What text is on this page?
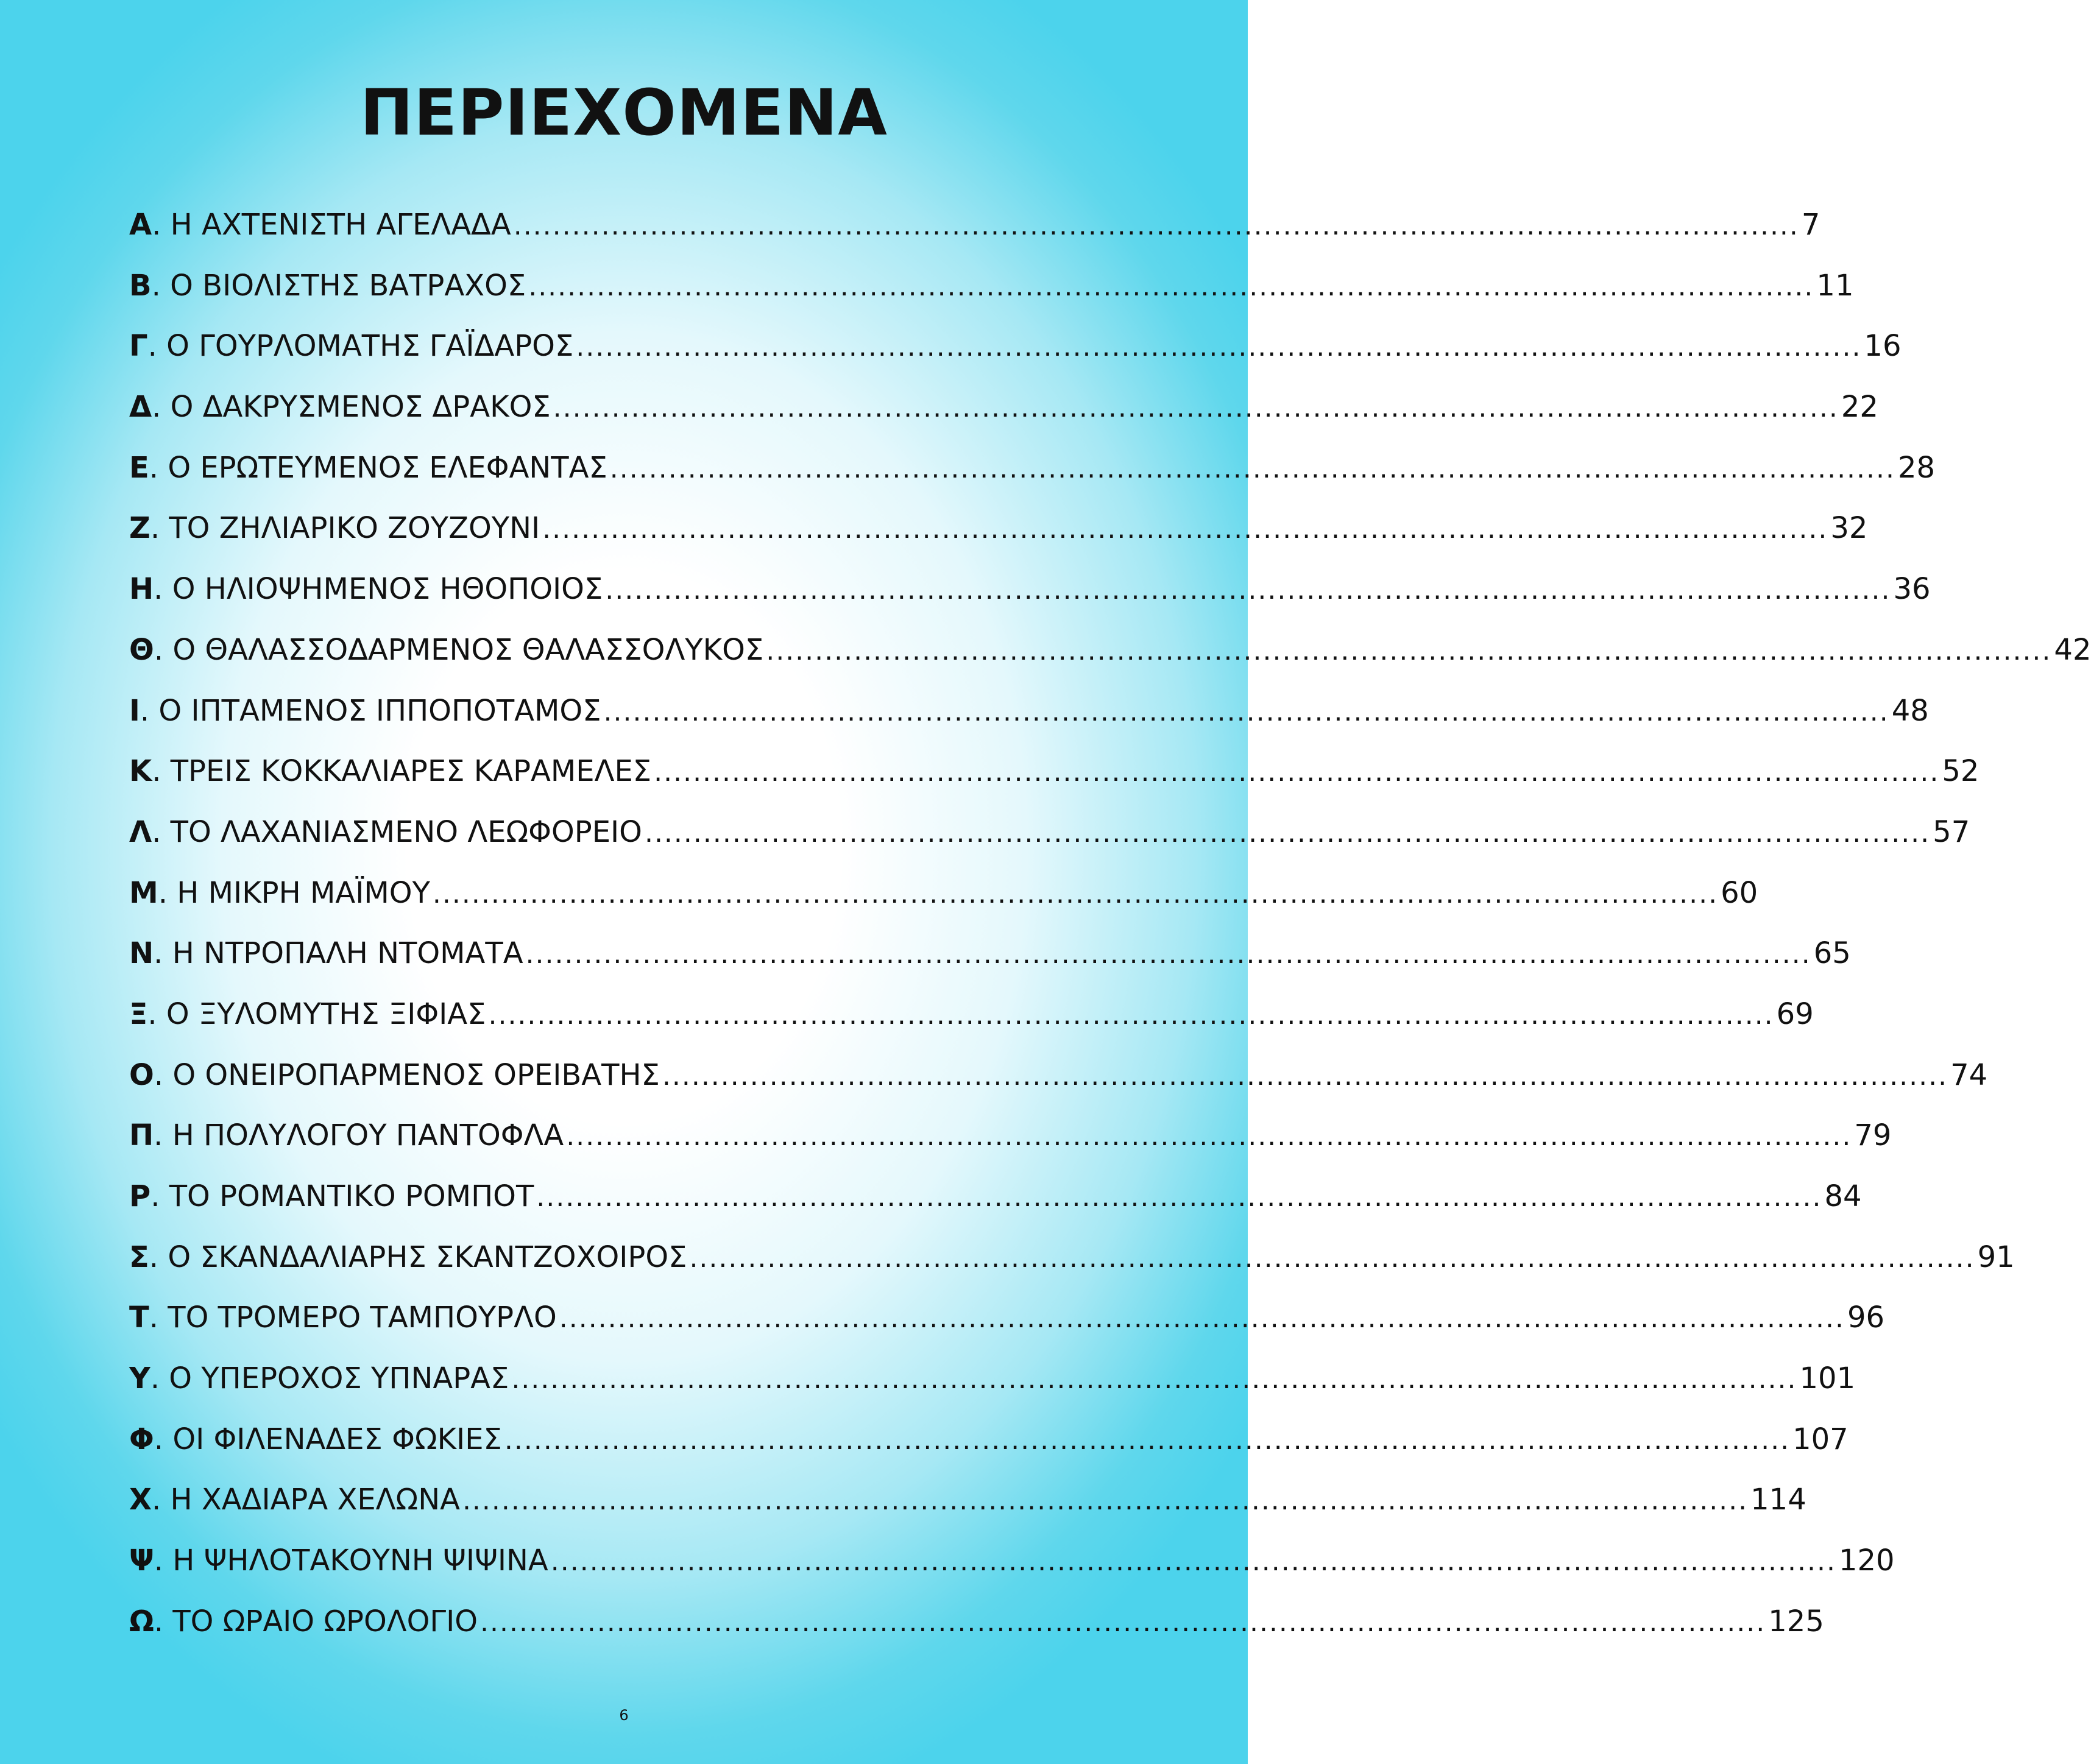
ΠΕΡΙΕΧΟΜΕΝΑ
Α. Η ΑΧΤΕΝΙΣΤΗ ΑΓΕΛΑΔΑ .................................................................................................................................... 7
Β. Ο ΒΙΟΛΙΣΤΗΣ ΒΑΤΡΑΧΟΣ .................................................................................................................................... 11
Γ. Ο ΓΟΥΡΛΟΜΑΤΗΣ ΓΑΪΔΑΡΟΣ .................................................................................................................................... 16
Δ. Ο ΔΑΚΡΥΣΜΕΝΟΣ ΔΡΑΚΟΣ .................................................................................................................................... 22
Ε. Ο ΕΡΩΤΕΥΜΕΝΟΣ ΕΛΕΦΑΝΤΑΣ .................................................................................................................................... 28
Ζ. ΤΟ ΖΗΛΙΑΡΙΚΟ ΖΟΥΖΟΥΝΙ .................................................................................................................................... 32
Η. Ο ΗΛΙΟΨΗΜΕΝΟΣ ΗΘΟΠΟΙΟΣ .................................................................................................................................... 36
Θ. Ο ΘΑΛΑΣΣΟΔΑΡΜΕΝΟΣ ΘΑΛΑΣΣΟΛΥΚΟΣ .................................................................................................................................... 42
Ι. Ο ΙΠΤΑΜΕΝΟΣ ΙΠΠΟΠΟΤΑΜΟΣ .................................................................................................................................... 48
Κ. ΤΡΕΙΣ ΚΟΚΚΑΛΙΑΡΕΣ ΚΑΡΑΜΕΛΕΣ .................................................................................................................................... 52
Λ. ΤΟ ΛΑΧΑΝΙΑΣΜΕΝΟ ΛΕΩΦΟΡΕΙΟ .................................................................................................................................... 57
Μ. Η ΜΙΚΡΗ ΜΑΪΜΟΥ .................................................................................................................................... 60
Ν. Η ΝΤΡΟΠΑΛΗ ΝΤΟΜΑΤΑ .................................................................................................................................... 65
Ξ. Ο ΞΥΛΟΜΥΤΗΣ ΞΙΦΙΑΣ .................................................................................................................................... 69
Ο. Ο ΟΝΕΙΡΟΠΑΡΜΕΝΟΣ ΟΡΕΙΒΑΤΗΣ .................................................................................................................................... 74
Π. Η ΠΟΛΥΛΟΓΟΥ ΠΑΝΤΟΦΛΑ .................................................................................................................................... 79
Ρ. ΤΟ ΡΟΜΑΝΤΙΚΟ ΡΟΜΠΟΤ .................................................................................................................................... 84
Σ. Ο ΣΚΑΝΔΑΛΙΑΡΗΣ ΣΚΑΝΤΖΟΧΟΙΡΟΣ .................................................................................................................................... 91
Τ. ΤΟ ΤΡΟΜΕΡΟ ΤΑΜΠΟΥΡΛΟ .................................................................................................................................... 96
Υ. Ο ΥΠΕΡΟΧΟΣ ΥΠΝΑΡΑΣ .................................................................................................................................... 101
Φ. ΟΙ ΦΙΛΕΝΑΔΕΣ ΦΩΚΙΕΣ .................................................................................................................................... 107
Χ. Η ΧΑΔΙΑΡΑ ΧΕΛΩΝΑ .................................................................................................................................... 114
Ψ. Η ΨΗΛΟΤΑΚΟΥΝΗ ΨΙΨΙΝΑ .................................................................................................................................... 120
Ω. ΤΟ ΩΡΑΙΟ ΩΡΟΛΟΓΙΟ .................................................................................................................................... 125
6
